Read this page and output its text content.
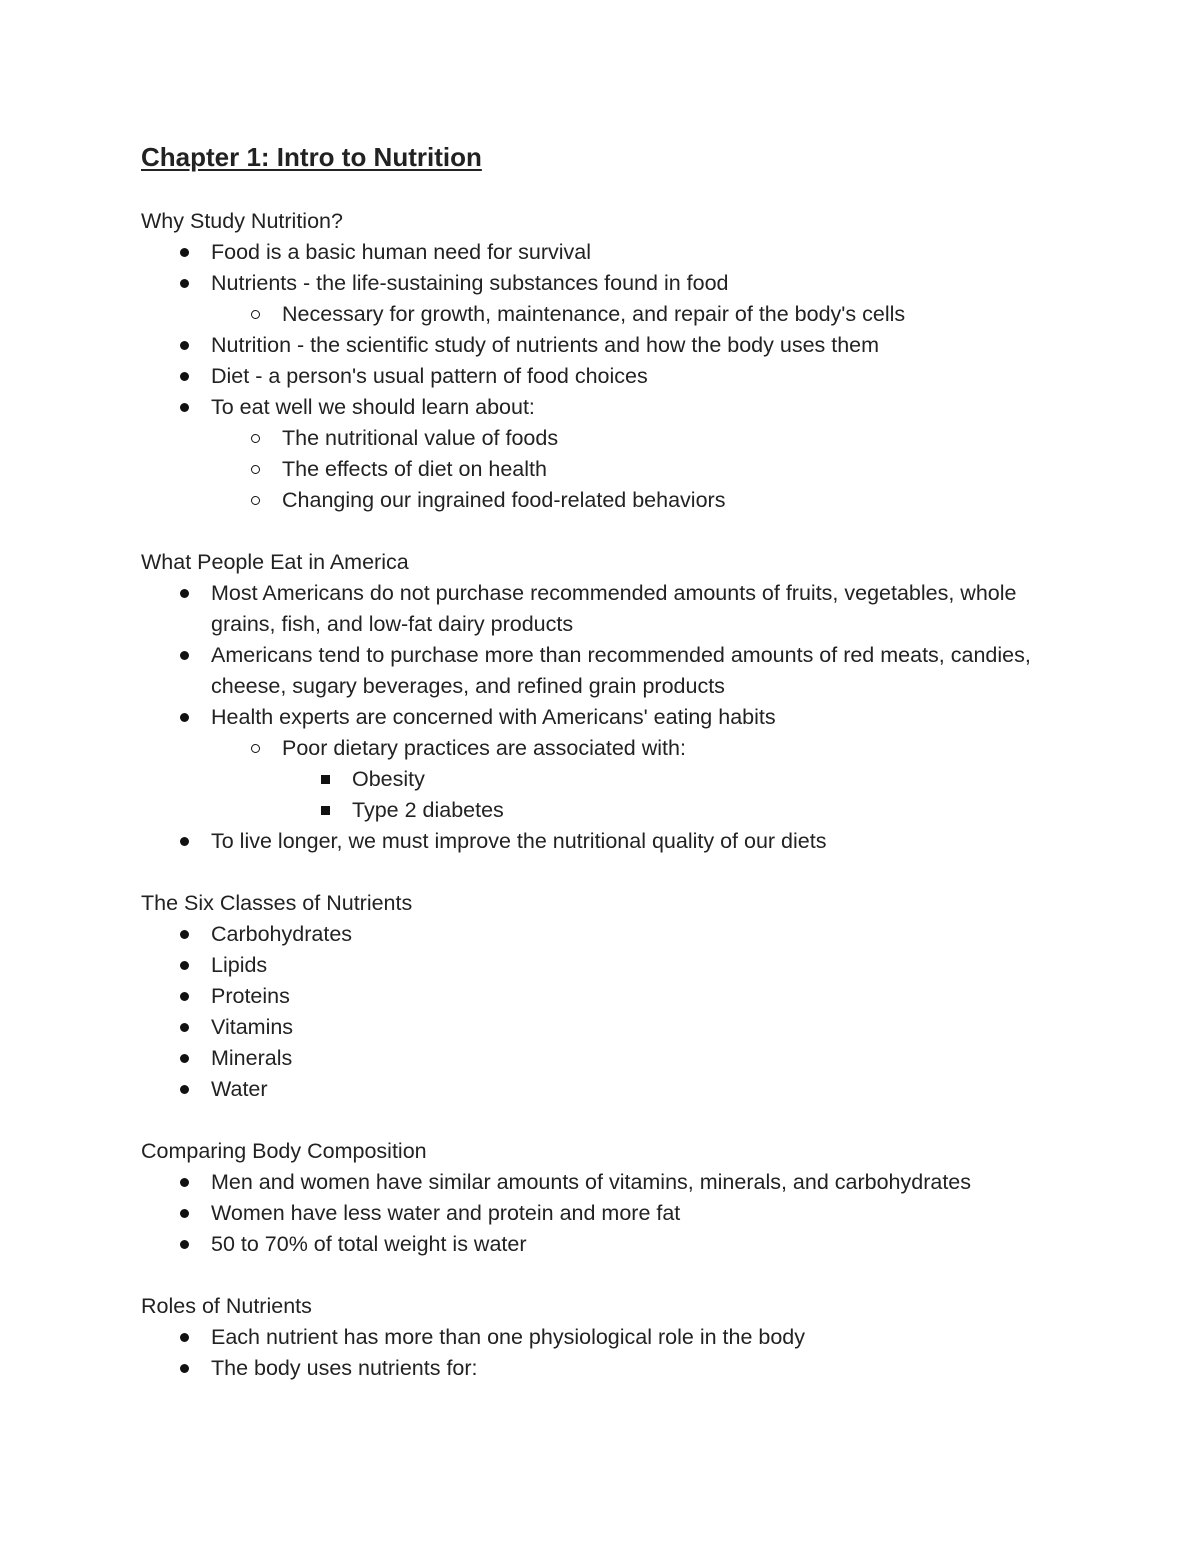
Chapter 1: Intro to Nutrition

Why Study Nutrition?

Food is a basic human need for survival
Nutrients - the life-sustaining substances found in food
Necessary for growth, maintenance, and repair of the body's cells
Nutrition - the scientific study of nutrients and how the body uses them
Diet - a person's usual pattern of food choices
To eat well we should learn about:
The nutritional value of foods
The effects of diet on health
Changing our ingrained food-related behaviors

What People Eat in America

Most Americans do not purchase recommended amounts of fruits, vegetables, whole grains, fish, and low-fat dairy products
Americans tend to purchase more than recommended amounts of red meats, candies, cheese, sugary beverages, and refined grain products
Health experts are concerned with Americans' eating habits
Poor dietary practices are associated with:
Obesity
Type 2 diabetes
To live longer, we must improve the nutritional quality of our diets

The Six Classes of Nutrients

Carbohydrates
Lipids
Proteins
Vitamins
Minerals
Water

Comparing Body Composition

Men and women have similar amounts of vitamins, minerals, and carbohydrates
Women have less water and protein and more fat
50 to 70% of total weight is water

Roles of Nutrients

Each nutrient has more than one physiological role in the body
The body uses nutrients for:
